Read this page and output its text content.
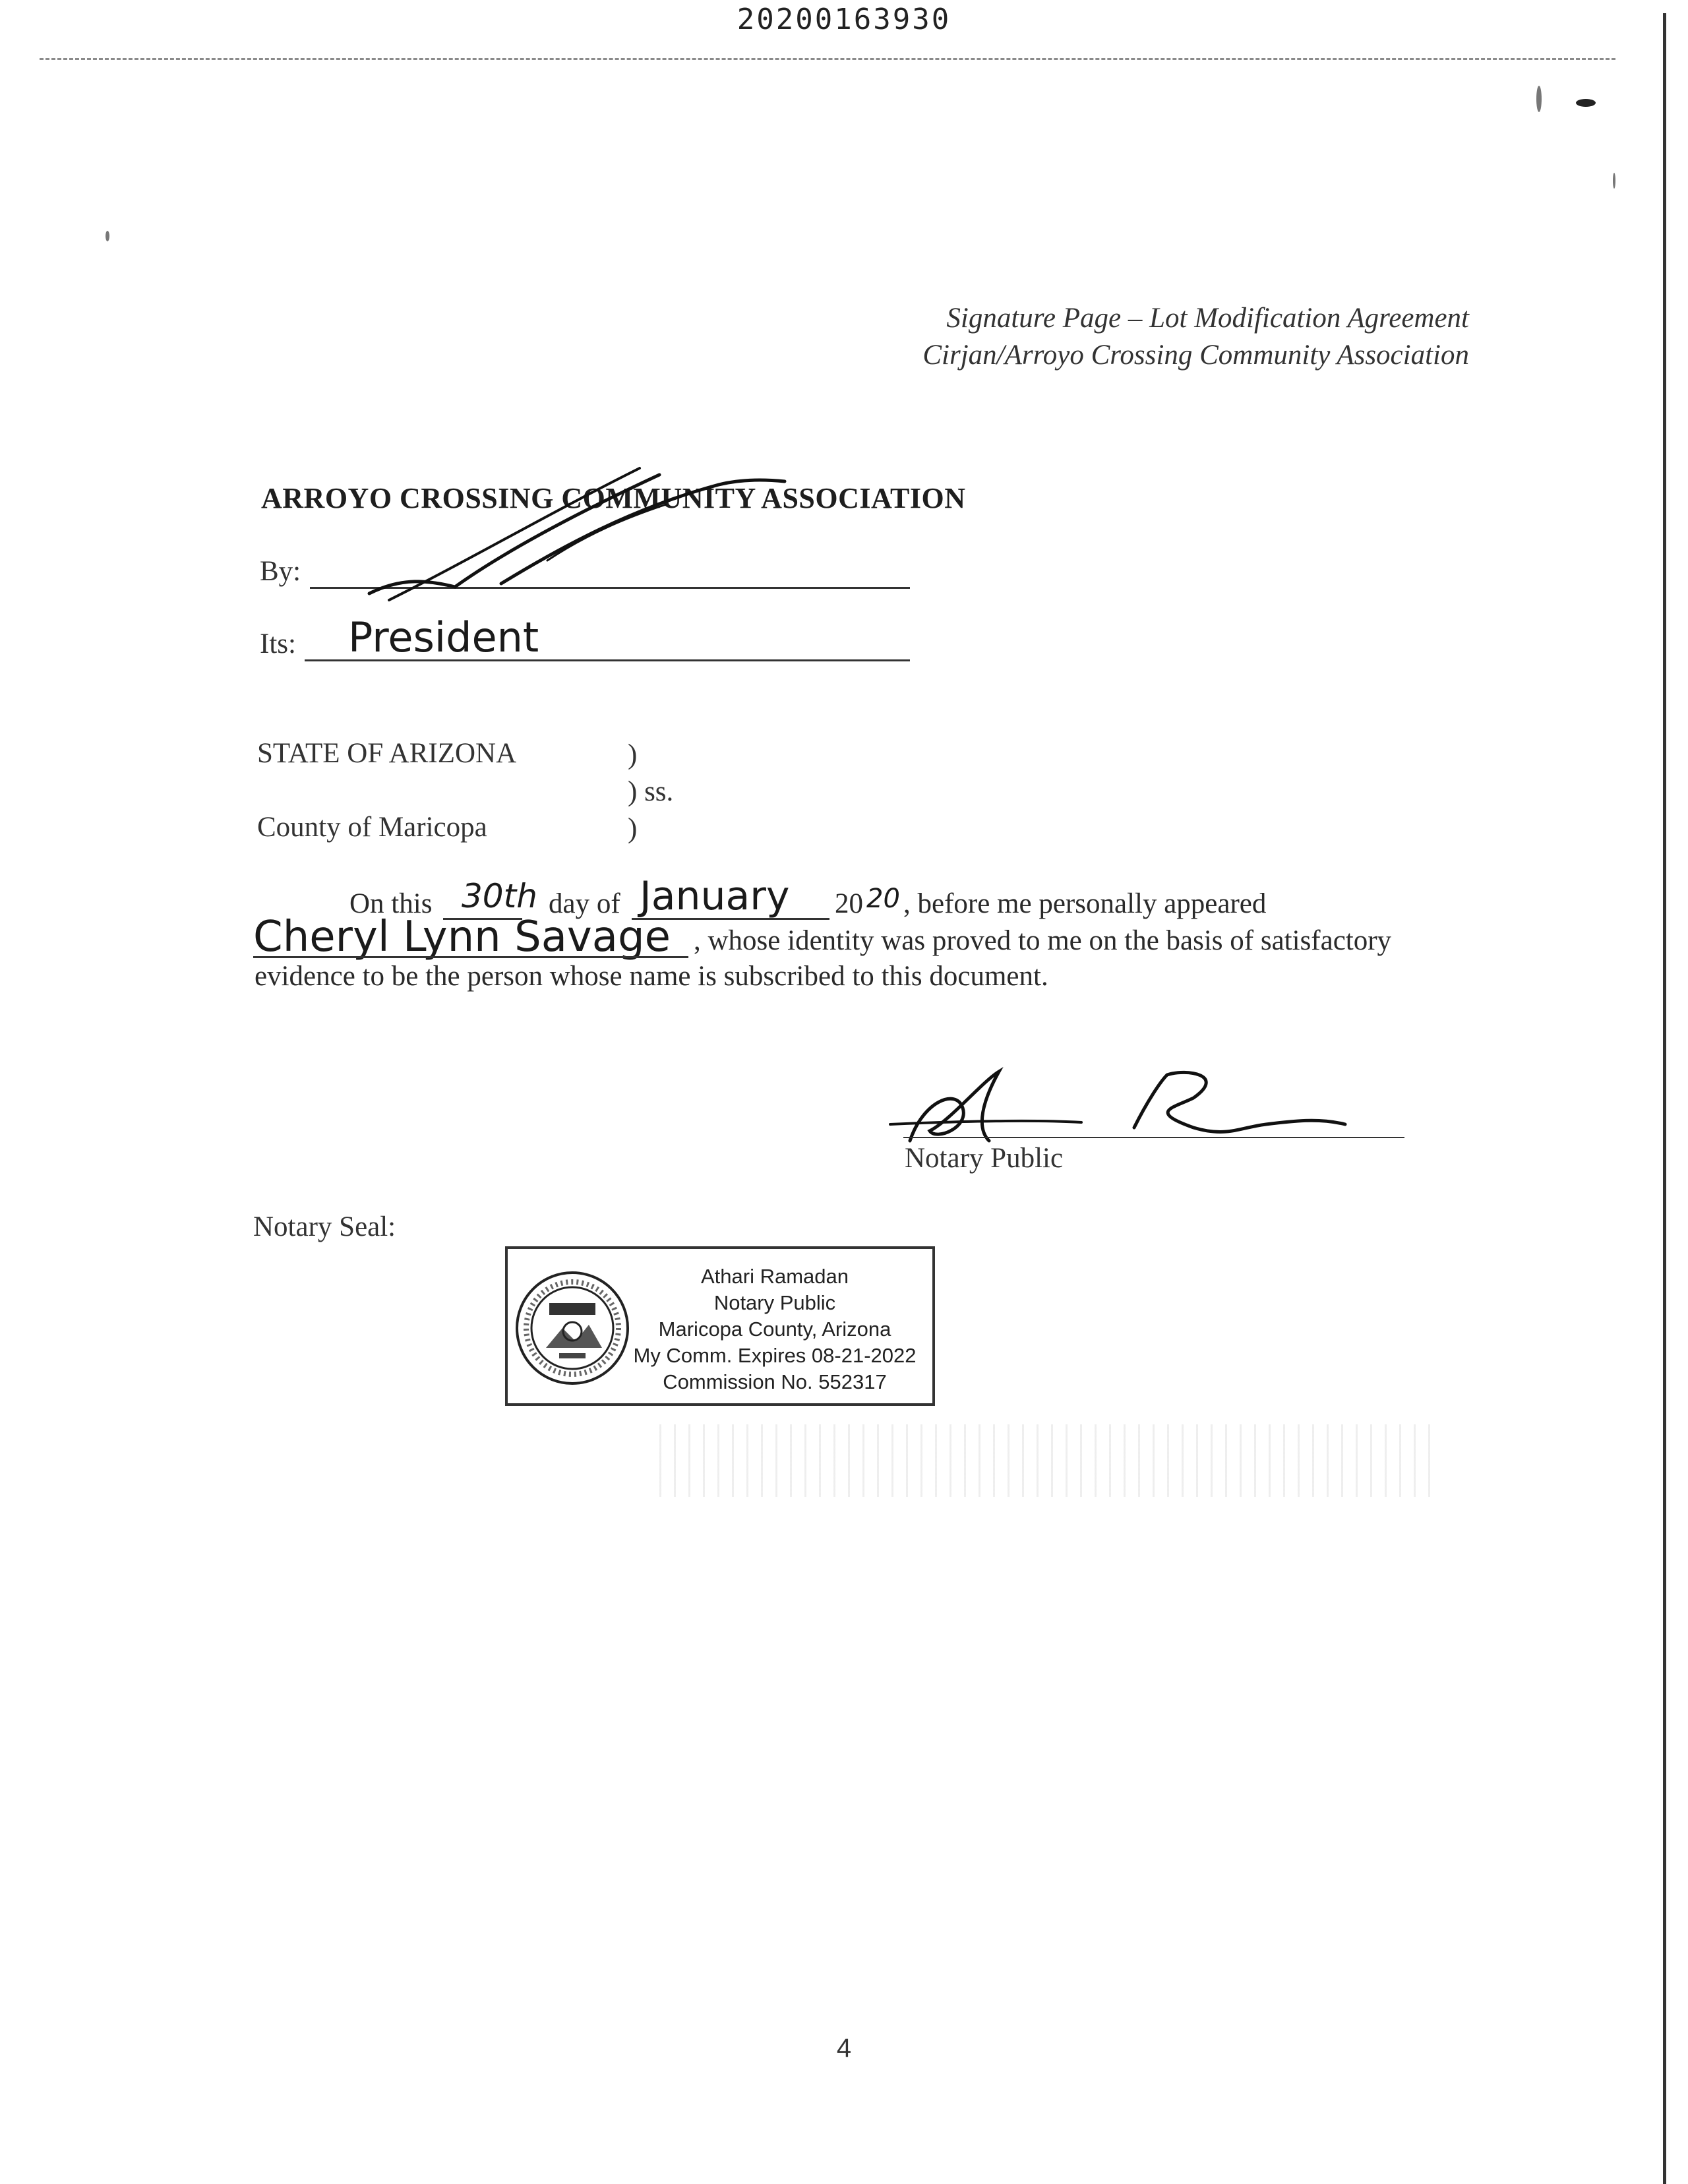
20200163930
Signature Page – Lot Modification Agreement
Cirjan/Arroyo Crossing Community Association
ARROYO CROSSING COMMUNITY ASSOCIATION
By:
Its: President
STATE OF ARIZONA	)
) ss.
County of Maricopa	)
On this 30th day of January 20 20 , before me personally appeared
Cheryl Lynn Savage , whose identity was proved to me on the basis of satisfactory
evidence to be the person whose name is subscribed to this document.
Notary Public
Notary Seal:
Athari Ramadan
Notary Public
Maricopa County, Arizona
My Comm. Expires 08-21-2022
Commission No. 552317
4
